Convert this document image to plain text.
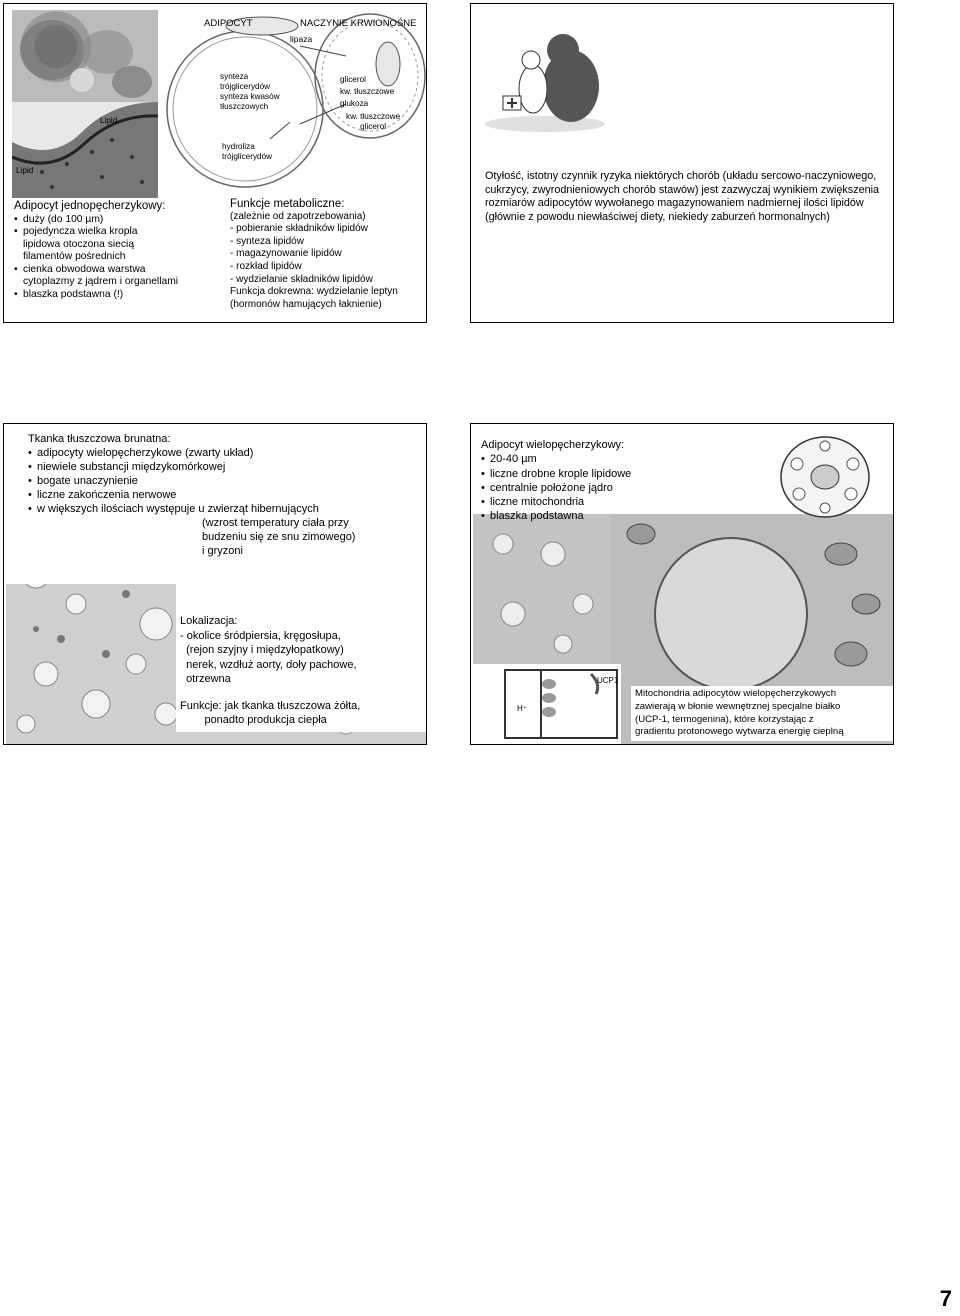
Lipid
Lipid
ADIPOCYT	NACZYNIE KRWIONOŚNE
lipaza
synteza
trójglicerydów
synteza kwasów
tłuszczowych
hydroliza
trójglicerydów
glicerol
kw. tłuszczowe
glukoza
kw. tłuszczowe
glicerol
Adipocyt jednopęcherzykowy:
• duży (do 100 µm)
• pojedyncza wielka kropla
lipidowa otoczona siecią
filamentów pośrednich
• cienka obwodowa warstwa
cytoplazmy z jądrem i organellami
• blaszka podstawna (!)
Funkcje metaboliczne:
(zależnie od zapotrzebowania)
- pobieranie składników lipidów
- synteza lipidów
- magazynowanie lipidów
- rozkład lipidów
- wydzielanie składników lipidów
Funkcja dokrewna: wydzielanie leptyn
(hormonów hamujących łaknienie)
Otyłość, istotny czynnik ryzyka niektórych chorób (układu sercowo-naczyniowego, cukrzycy, zwyrodnieniowych chorób stawów) jest zazwyczaj wynikiem zwiększenia rozmiarów adipocytów wywołanego magazynowaniem nadmiernej ilości lipidów (głównie z powodu niewłaściwej diety, niekiedy zaburzeń hormonalnych)
Tkanka tłuszczowa brunatna:
• adipocyty wielopęcherzykowe (zwarty układ)
• niewiele substancji międzykomórkowej
• bogate unaczynienie
• liczne zakończenia nerwowe
• w większych ilościach występuje u zwierząt hibernujących
(wzrost temperatury ciała przy
budzeniu się ze snu zimowego)
i gryzoni
Lokalizacja:
- okolice śródpiersia, kręgosłupa,
(rejon szyjny i międzyłopatkowy)
nerek, wzdłuż aorty, doły pachowe,
otrzewna
Funkcje: jak tkanka tłuszczowa żółta,
ponadto produkcja ciepła
H⁺
UCP1
Adipocyt wielopęcherzykowy:
• 20-40 µm
• liczne drobne krople lipidowe
• centralnie położone jądro
• liczne mitochondria
• blaszka podstawna
Mitochondria adipocytów wielopęcherzykowych
zawierają w błonie wewnętrznej specjalne białko
(UCP-1, termogenina), które korzystając z
gradientu protonowego wytwarza energię cieplną
7
